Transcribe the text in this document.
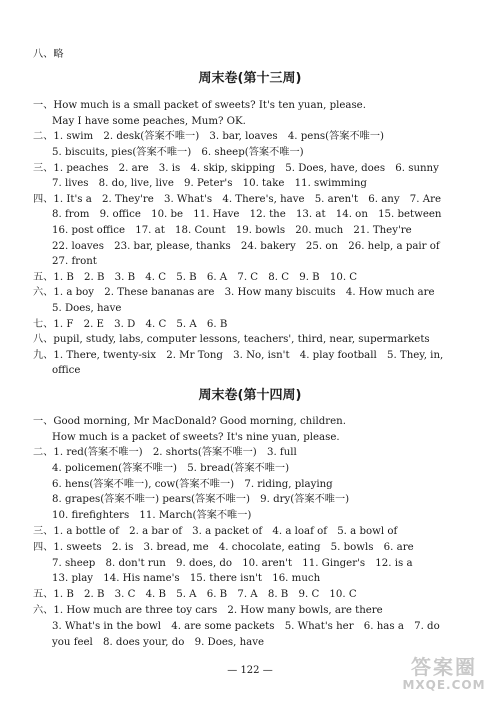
八、略
周末卷(第十三周)
一、How much is a small packet of sweets? It's ten yuan, please.
May I have some peaches, Mum? OK.
二、1. swim　2. desk(答案不唯一)　3. bar, loaves　4. pens(答案不唯一)
5. biscuits, pies(答案不唯一)　6. sheep(答案不唯一)
三、1. peaches　2. are　3. is　4. skip, skipping　5. Does, have, does　6. sunny
7. lives　8. do, live, live　9. Peter's　10. take　11. swimming
四、1. It's a　2. They're　3. What's　4. There's, have　5. aren't　6. any　7. Are
8. from　9. office　10. be　11. Have　12. the　13. at　14. on　15. between
16. post office　17. at　18. Count　19. bowls　20. much　21. They're
22. loaves　23. bar, please, thanks　24. bakery　25. on　26. help, a pair of
27. front
五、1. B　2. B　3. B　4. C　5. B　6. A　7. C　8. C　9. B　10. C
六、1. a boy　2. These bananas are　3. How many biscuits　4. How much are
5. Does, have
七、1. F　2. E　3. D　4. C　5. A　6. B
八、pupil, study, labs, computer lessons, teachers', third, near, supermarkets
九、1. There, twenty-six　2. Mr Tong　3. No, isn't　4. play football　5. They, in,
office
周末卷(第十四周)
一、Good morning, Mr MacDonald? Good morning, children.
How much is a packet of sweets? It's nine yuan, please.
二、1. red(答案不唯一)　2. shorts(答案不唯一)　3. full
4. policemen(答案不唯一)　5. bread(答案不唯一)
6. hens(答案不唯一), cow(答案不唯一)　7. riding, playing
8. grapes(答案不唯一) pears(答案不唯一)　9. dry(答案不唯一)
10. firefighters　11. March(答案不唯一)
三、1. a bottle of　2. a bar of　3. a packet of　4. a loaf of　5. a bowl of
四、1. sweets　2. is　3. bread, me　4. chocolate, eating　5. bowls　6. are
7. sheep　8. don't run　9. does, do　10. aren't　11. Ginger's　12. is a
13. play　14. His name's　15. there isn't　16. much
五、1. B　2. B　3. C　4. B　5. A　6. B　7. A　8. B　9. C　10. C
六、1. How much are three toy cars　2. How many bowls, are there
3. What's in the bowl　4. are some packets　5. What's her　6. has a　7. do
you feel　8. does your, do　9. Does, have
— 122 —	答案圈
MXQE.COM
